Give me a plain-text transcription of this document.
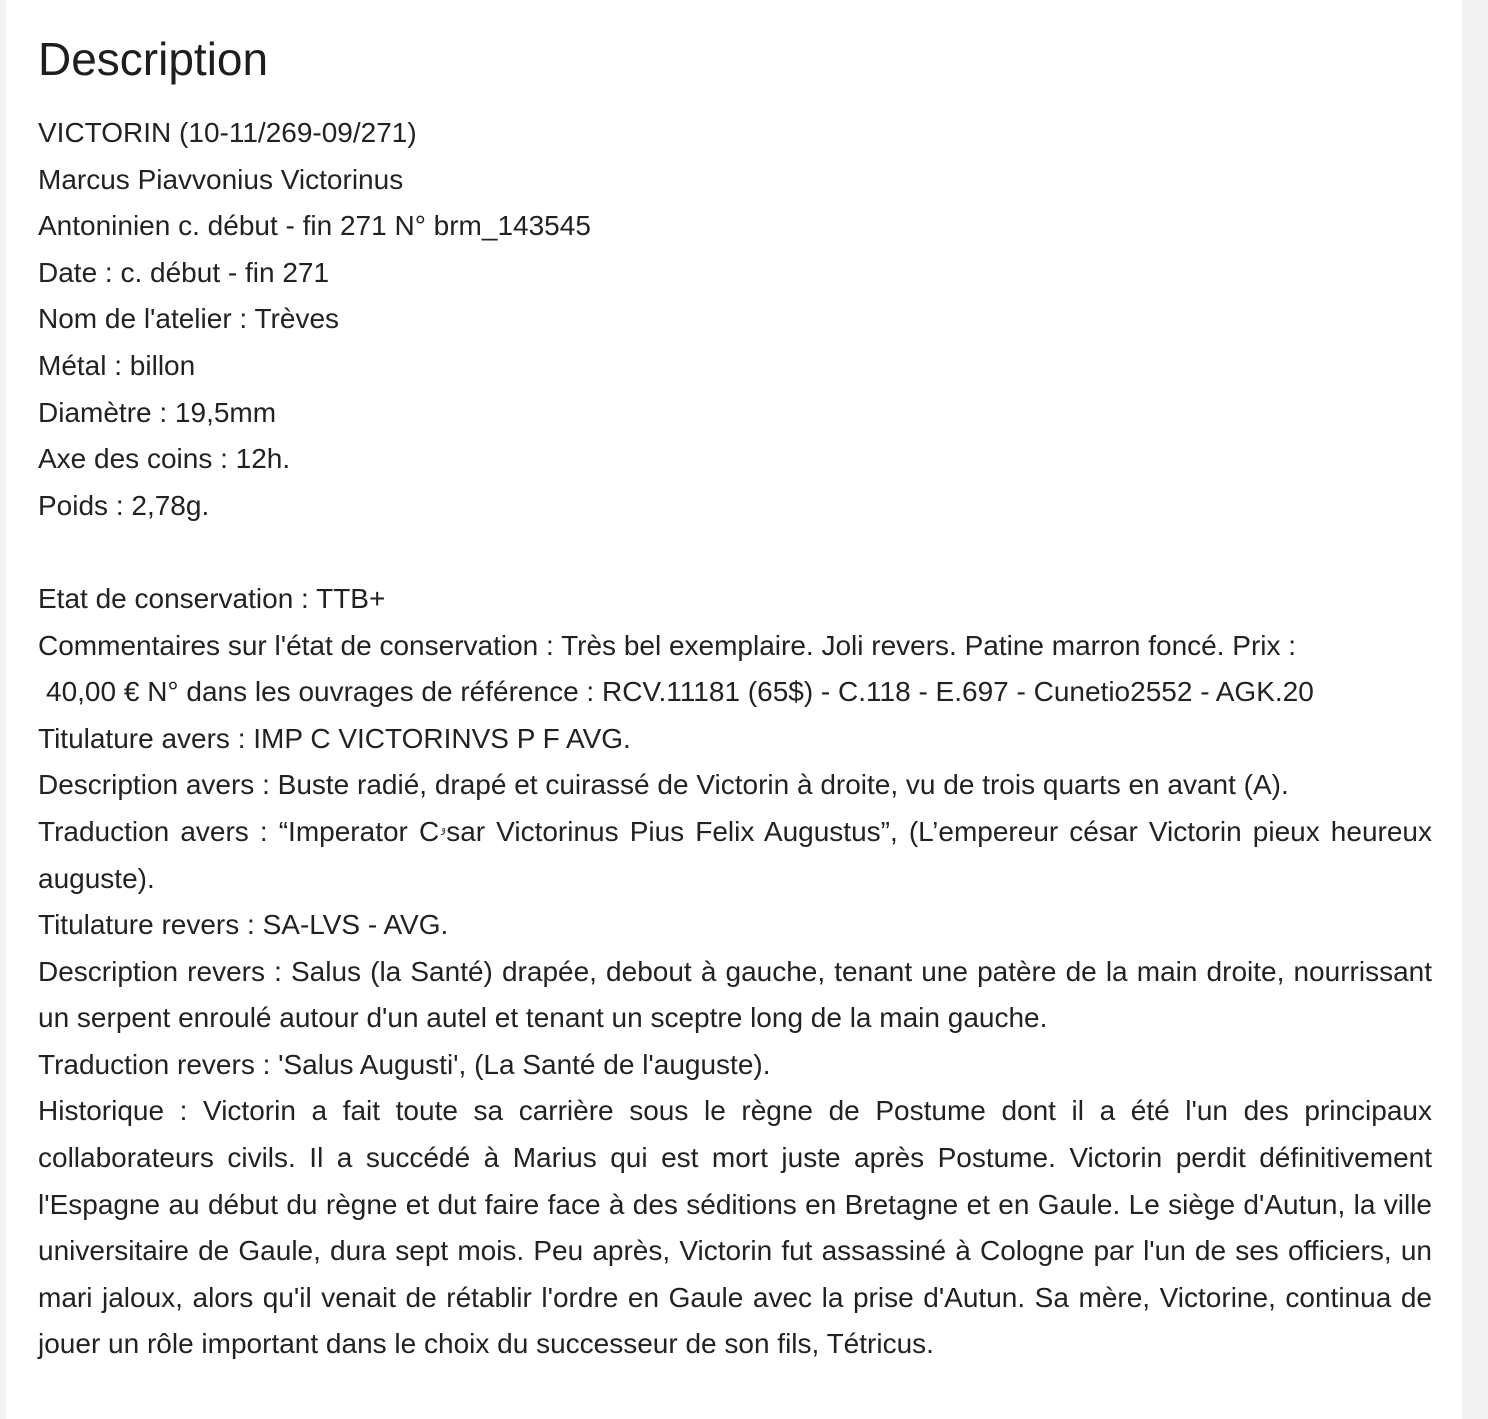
Description
VICTORIN (10-11/269-09/271)
Marcus Piavvonius Victorinus
Antoninien c. début - fin 271 N° brm_143545
Date : c. début - fin 271
Nom de l'atelier : Trèves
Métal : billon
Diamètre : 19,5mm
Axe des coins : 12h.
Poids : 2,78g.
Etat de conservation : TTB+
Commentaires sur l'état de conservation : Très bel exemplaire. Joli revers. Patine marron foncé. Prix :
40,00 € N° dans les ouvrages de référence : RCV.11181 (65$) - C.118 - E.697 - Cunetio2552 - AGK.20
Titulature avers : IMP C VICTORINVS P F AVG.
Description avers : Buste radié, drapé et cuirassé de Victorin à droite, vu de trois quarts en avant (A).
Traduction avers : “Imperator Cۥsar Victorinus Pius Felix Augustus”, (L’empereur césar Victorin pieux heureux auguste).
Titulature revers : SA-LVS - AVG.
Description revers : Salus (la Santé) drapée, debout à gauche, tenant une patère de la main droite, nourrissant un serpent enroulé autour d'un autel et tenant un sceptre long de la main gauche.
Traduction revers : 'Salus Augusti', (La Santé de l'auguste).
Historique : Victorin a fait toute sa carrière sous le règne de Postume dont il a été l'un des principaux collaborateurs civils. Il a succédé à Marius qui est mort juste après Postume. Victorin perdit définitivement l'Espagne au début du règne et dut faire face à des séditions en Bretagne et en Gaule. Le siège d'Autun, la ville universitaire de Gaule, dura sept mois. Peu après, Victorin fut assassiné à Cologne par l'un de ses officiers, un mari jaloux, alors qu'il venait de rétablir l'ordre en Gaule avec la prise d'Autun. Sa mère, Victorine, continua de jouer un rôle important dans le choix du successeur de son fils, Tétricus.
